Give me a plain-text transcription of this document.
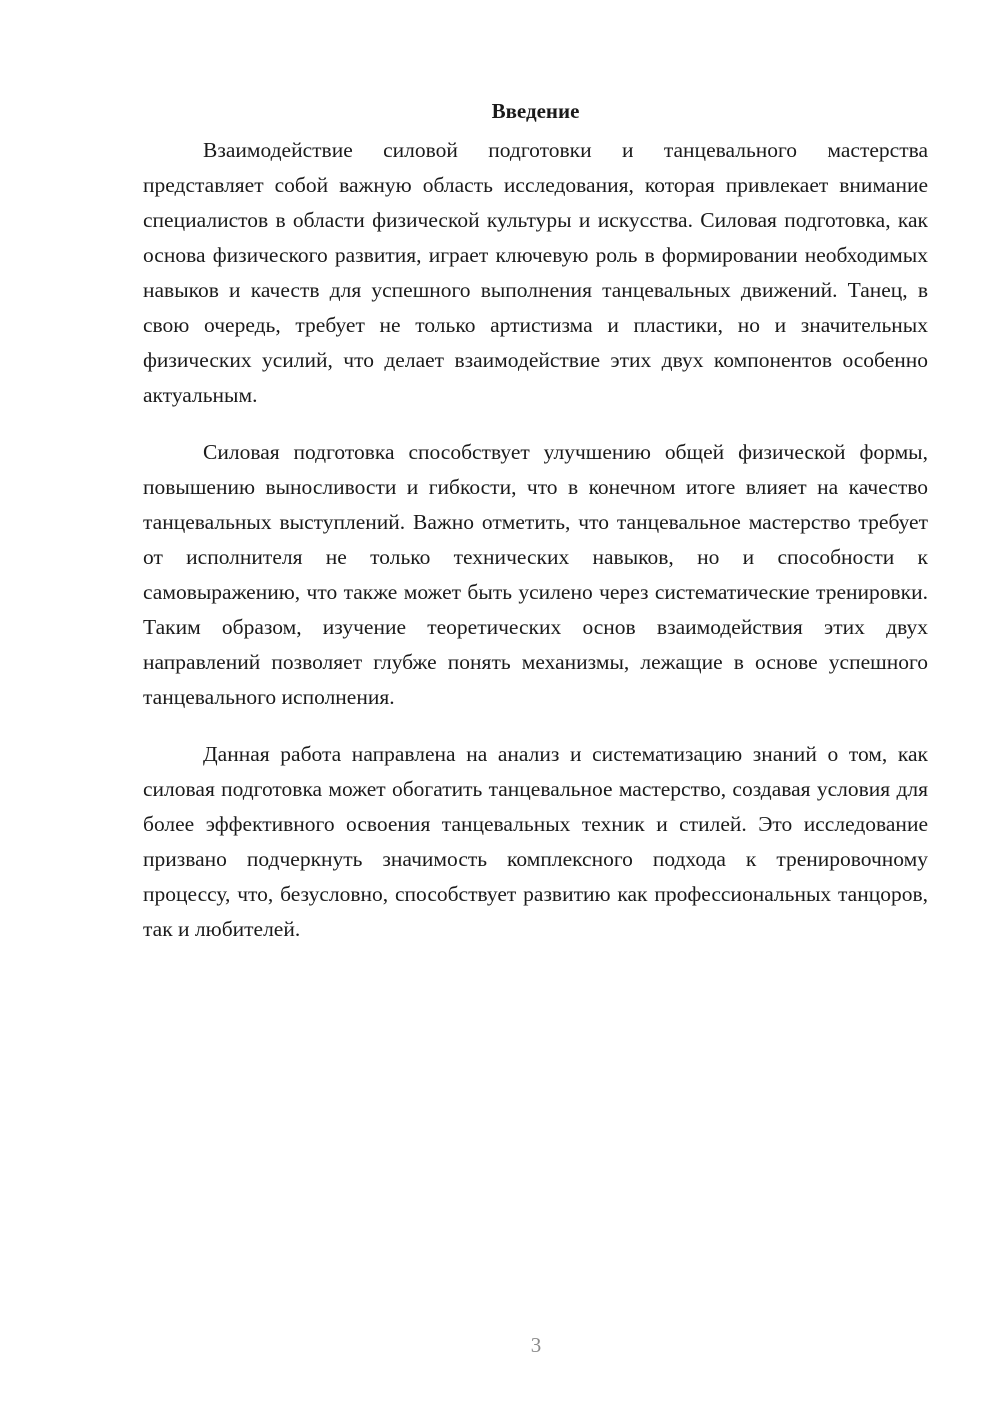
Введение

Взаимодействие силовой подготовки и танцевального мастерства представляет собой важную область исследования, которая привлекает внимание специалистов в области физической культуры и искусства. Силовая подготовка, как основа физического развития, играет ключевую роль в формировании необходимых навыков и качеств для успешного выполнения танцевальных движений. Танец, в свою очередь, требует не только артистизма и пластики, но и значительных физических усилий, что делает взаимодействие этих двух компонентов особенно актуальным.

Силовая подготовка способствует улучшению общей физической формы, повышению выносливости и гибкости, что в конечном итоге влияет на качество танцевальных выступлений. Важно отметить, что танцевальное мастерство требует от исполнителя не только технических навыков, но и способности к самовыражению, что также может быть усилено через систематические тренировки. Таким образом, изучение теоретических основ взаимодействия этих двух направлений позволяет глубже понять механизмы, лежащие в основе успешного танцевального исполнения.

Данная работа направлена на анализ и систематизацию знаний о том, как силовая подготовка может обогатить танцевальное мастерство, создавая условия для более эффективного освоения танцевальных техник и стилей. Это исследование призвано подчеркнуть значимость комплексного подхода к тренировочному процессу, что, безусловно, способствует развитию как профессиональных танцоров, так и любителей.

3
